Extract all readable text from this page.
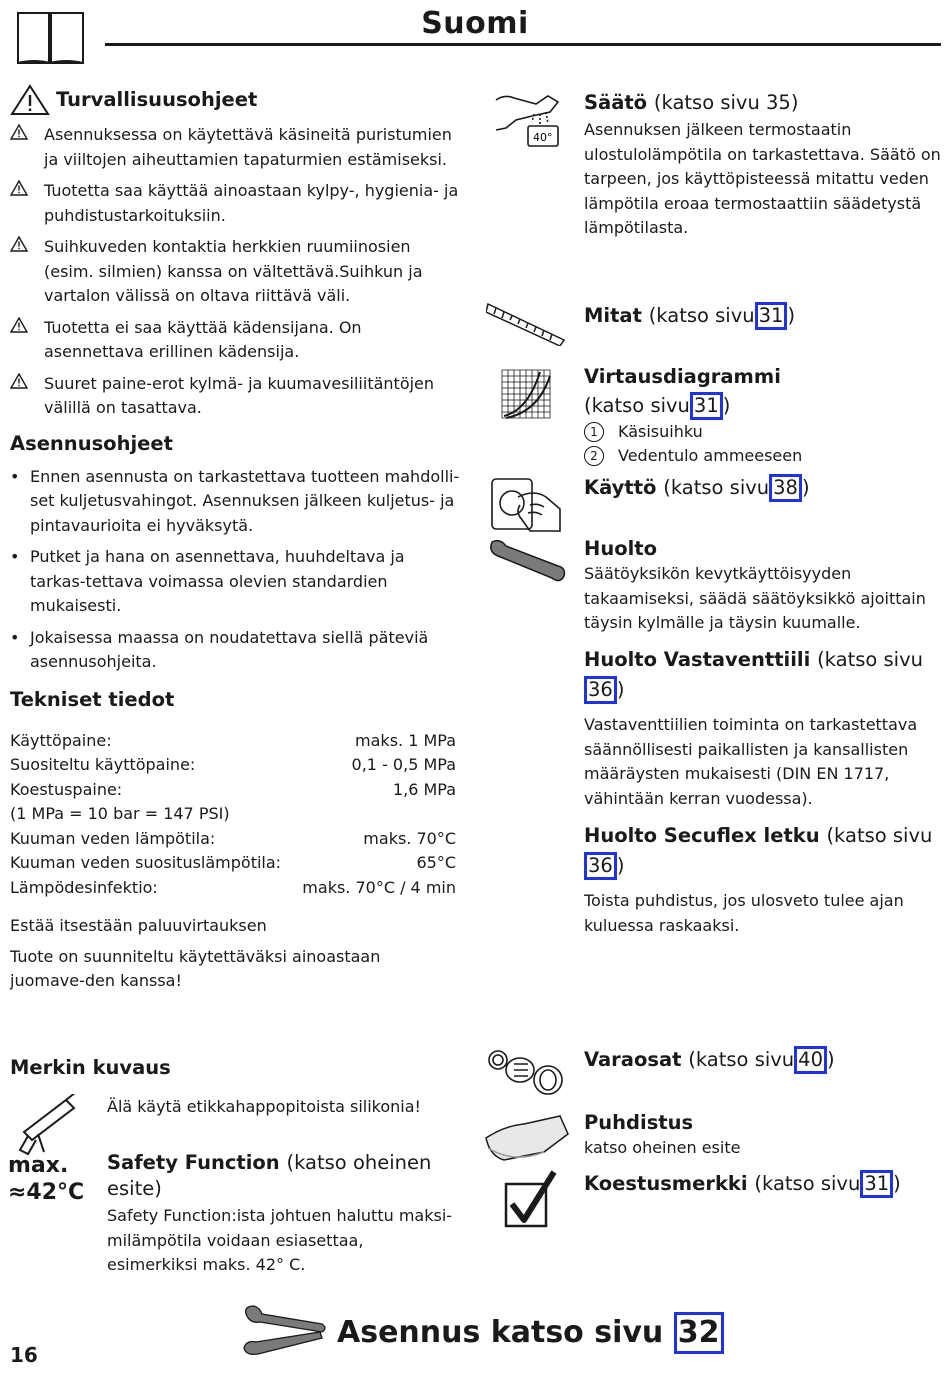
Suomi
Turvallisuusohjeet

Asennuksessa on käytettävä käsineitä puristumien ja viiltojen aiheuttamien tapaturmien estämiseksi.

Tuotetta saa käyttää ainoastaan kylpy-, hygienia- ja puhdistustarkoituksiin.

Suihkuveden kontaktia herkkien ruumiinosien (esim. silmien) kanssa on vältettävä.Suihkun ja vartalon välissä on oltava riittävä väli.

Tuotetta ei saa käyttää kädensijana. On asennettava erillinen kädensija.

Suuret paine-erot kylmä- ja kuumavesiliitäntöjen välillä on tasattava.

Asennusohjeet
• Ennen asennusta on tarkastettava tuotteen mahdolli-set kuljetusvahingot. Asennuksen jälkeen kuljetus- ja pintavaurioita ei hyväksytä.

• Putket ja hana on asennettava, huuhdeltava ja tarkas-tettava voimassa olevien standardien mukaisesti.

• Jokaisessa maassa on noudatettava siellä päteviä asennusohjeita.

Tekniset tiedot
Käyttöpaine:	maks. 1 MPa
Suositeltu käyttöpaine:	0,1 - 0,5 MPa
Koestuspaine:	1,6 MPa
(1 MPa = 10 bar = 147 PSI)
Kuuman veden lämpötila:	maks. 70°C
Kuuman veden suosituslämpötila:	65°C
Lämpödesinfektio:	maks. 70°C / 4 min

Estää itsestään paluuvirtauksen

Tuote on suunniteltu käytettäväksi ainoastaan juomave-den kanssa!

Merkin kuvaus

Älä käytä etikkahappopitoista silikonia!

max.
≈42°C
Safety Function (katso oheinen esite)

Safety Function:ista johtuen haluttu maksi-milämpötila voidaan esiasettaa, esimerkiksi maks. 42° C.

40°
Säätö (katso sivu 35)

Asennuksen jälkeen termostaatin ulostulolämpötila on tarkastettava. Säätö on tarpeen, jos käyttöpisteessä mitattu veden lämpötila eroaa termostaattiin säädetystä lämpötilasta.

Mitat (katso sivu 31 )
Virtausdiagrammi
(katso sivu 31 )
1	Käsisuihku
2	Vedentulo ammeeseen
Käyttö (katso sivu 38 )
Huolto

Säätöyksikön kevytkäyttöisyyden takaamiseksi, säädä säätöyksikkö ajoittain täysin kylmälle ja täysin kuumalle.

Huolto Vastaventtiili (katso sivu
36 )

Vastaventtiilien toiminta on tarkastettava säännöllisesti paikallisten ja kansallisten määräysten mukaisesti (DIN EN 1717, vähintään kerran vuodessa).

Huolto Secuflex letku (katso sivu
36 )

Toista puhdistus, jos ulosveto tulee ajan kuluessa raskaaksi.

Varaosat (katso sivu 40 )
Puhdistus

katso oheinen esite

Koestusmerkki (katso sivu 31 )
Asennus katso sivu 32
16
